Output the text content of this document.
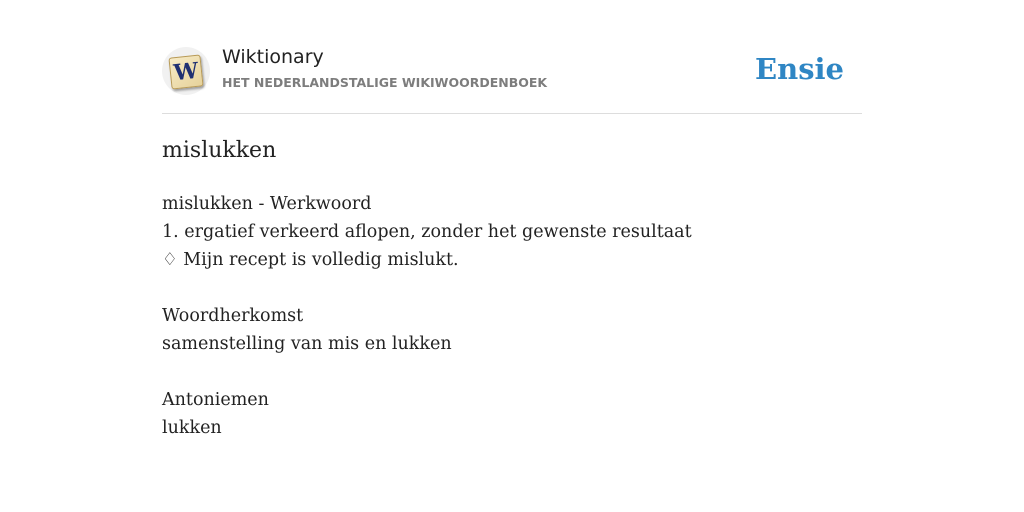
W
Wiktionary
HET NEDERLANDSTALIGE WIKIWOORDENBOEK	Ensie
mislukken
mislukken - Werkwoord
1. ergatief verkeerd aflopen, zonder het gewenste resultaat
♢ Mijn recept is volledig mislukt.
Woordherkomst
samenstelling van mis en lukken
Antoniemen
lukken
